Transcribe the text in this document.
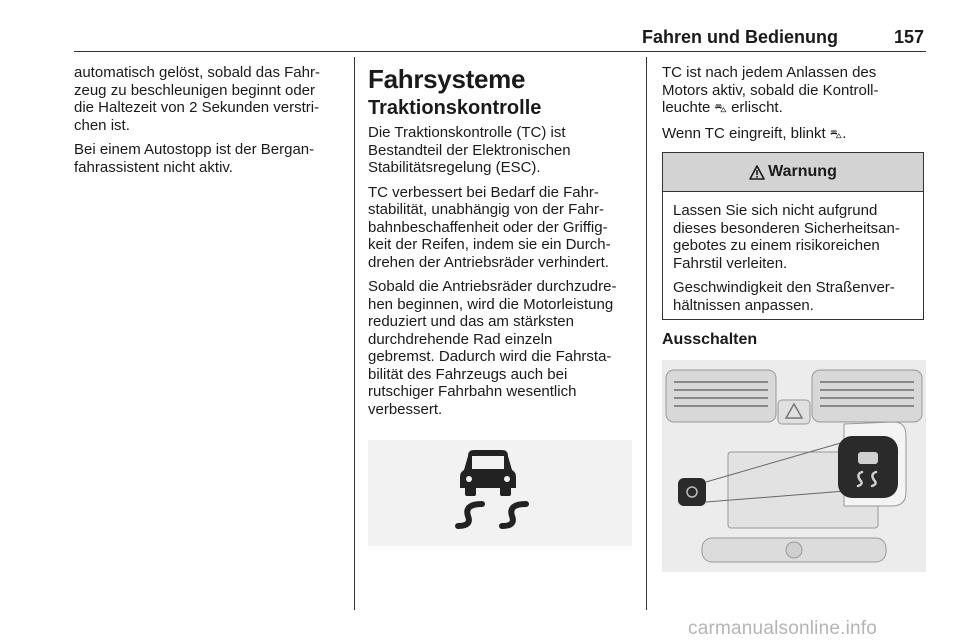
Fahren und Bedienung	157

automatisch gelöst, sobald das Fahr-
zeug zu beschleunigen beginnt oder
die Haltezeit von 2 Sekunden verstri-
chen ist.

Bei einem Autostopp ist der Bergan-
fahrassistent nicht aktiv.

Fahrsysteme
Traktionskontrolle

Die Traktionskontrolle (TC) ist
Bestandteil der Elektronischen
Stabilitätsregelung (ESC).

TC verbessert bei Bedarf die Fahr-
stabilität, unabhängig von der Fahr-
bahnbeschaffenheit oder der Griffig-
keit der Reifen, indem sie ein Durch-
drehen der Antriebsräder verhindert.

Sobald die Antriebsräder durchzudre-
hen beginnen, wird die Motorleistung
reduziert und das am stärksten
durchdrehende Rad einzeln
gebremst. Dadurch wird die Fahrsta-
bilität des Fahrzeugs auch bei
rutschiger Fahrbahn wesentlich
verbessert.

TC ist nach jedem Anlassen des
Motors aktiv, sobald die Kontroll-
leuchte ⛍ erlischt.

Wenn TC eingreift, blinkt ⛍.

Warnung

Lassen Sie sich nicht aufgrund
dieses besonderen Sicherheitsan-
gebotes zu einem risikoreichen
Fahrstil verleiten.

Geschwindigkeit den Straßenver-
hältnissen anpassen.

Ausschalten
carmanualsonline.info
